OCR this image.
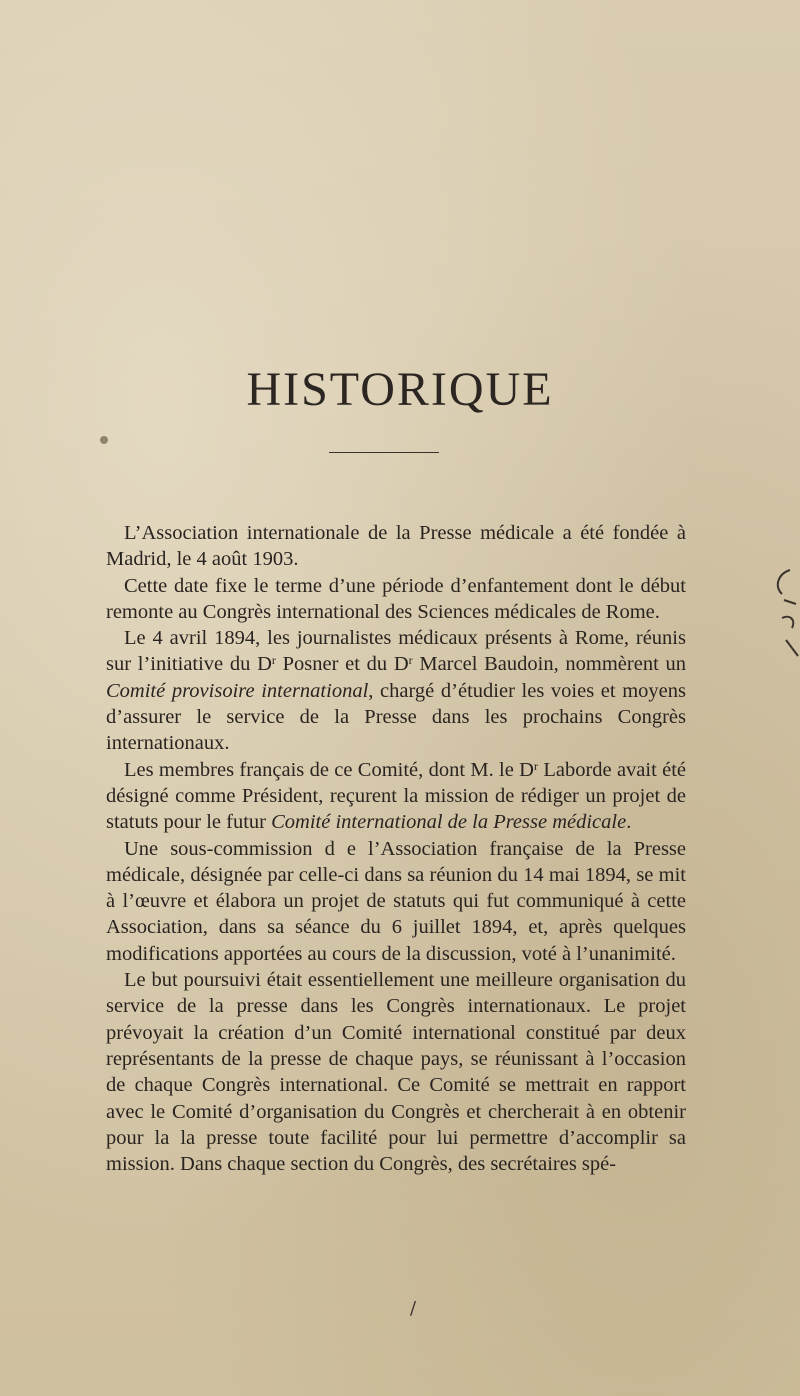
HISTORIQUE

L’Association internationale de la Presse médicale a été fondée à Madrid, le 4 août 1903.

Cette date fixe le terme d’une période d’enfantement dont le début remonte au Congrès international des Sciences médicales de Rome.

Le 4 avril 1894, les journalistes médicaux présents à Rome, réunis sur l’initiative du $D^r$ Posner et du $D^r$ Marcel Baudoin, nommèrent un Comité provisoire international, chargé d’étudier les voies et moyens d’assurer le service de la Presse dans les prochains Congrès internationaux.

Les membres français de ce Comité, dont M. le $D^r$ Laborde avait été désigné comme Président, reçurent la mission de rédiger un projet de statuts pour le futur Comité international de la Presse médicale.

Une sous-commission d e l’Association française de la Presse médicale, désignée par celle-ci dans sa réunion du 14 mai 1894, se mit à l’œuvre et élabora un projet de statuts qui fut communiqué à cette Association, dans sa séance du 6 juillet 1894, et, après quelques modifications apportées au cours de la discussion, voté à l’unanimité.

Le but poursuivi était essentiellement une meilleure organisation du service de la presse dans les Congrès internationaux. Le projet prévoyait la création d’un Comité international constitué par deux représentants de la presse de chaque pays, se réunissant à l’occasion de chaque Congrès international. Ce Comité se mettrait en rapport avec le Comité d’organisation du Congrès et chercherait à en obtenir pour la la presse toute facilité pour lui permettre d’accomplir sa mission. Dans chaque section du Congrès, des secrétaires spé-

/
